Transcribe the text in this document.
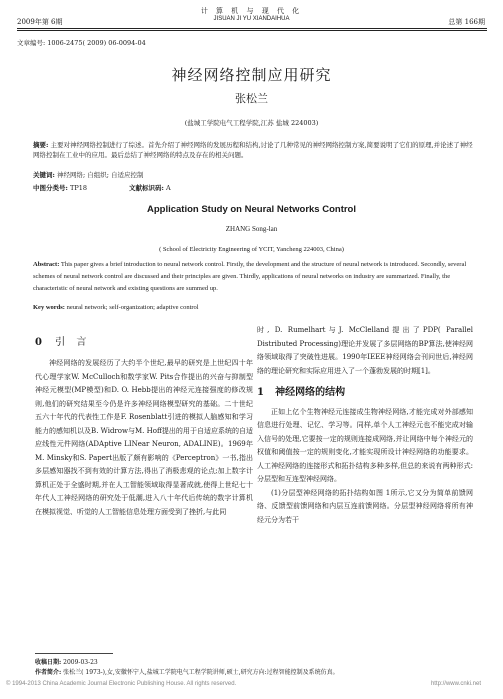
2009年第 6期
计 算 机 与 现 代 化
JISUAN JI YU XIANDAIHUA	总第 166期
文章编号: 1006-2475( 2009) 06-0094-04
神经网络控制应用研究
张松兰
(盐城工学院电气工程学院,江苏 盐城 224003)
摘要: 主要对神经网络控制进行了综述。首先介绍了神经网络的发展历程和结构,讨论了几种常见的神经网络控制方案,简要说明了它们的原理,并论述了神经网络控制在工业中的应用。最后总结了神经网络的特点及存在的相关问题。
关键词: 神经网络; 自组织; 自适应控制
中图分类号: TP18	文献标识码: A
Application Study on Neural Networks Control
ZHANG Song-lan
( School of Electricity Engineering of YCIT, Yancheng 224003, China)
Abstract: This paper gives a brief introduction to neural network control. Firstly, the development and the structure of neural network is introduced. Secondly, several schemes of neural network control are discussed and their principles are given. Thirdly, applications of neural networks on industry are summarized. Finally, the characteristic of neural network and existing questions are summed up.
Key words: neural network; self-organization; adaptive control
0 引 言

神经网络的发展经历了大约半个世纪,最早的研究是上世纪四十年代心理学家W. McCulloch和数学家W. Pits合作提出的兴奋与抑制型神经元模型(MP模型)和D. O. Hebb提出的神经元连接强度的修改规则,他们的研究结果至今仍是许多神经网络模型研究的基础。二十世纪五六十年代的代表性工作是F. Rosenblatt引进的模拟人脑感知和学习能力的感知机以及B. Widrow与M. Hoff提出的用于自适应系统的自适应线性元件网络(ADAptive LINear Neuron, ADALINE)。1969年M. Minsky和S. Papert出版了颇有影响的《Perceptron》一书,指出多层感知器找不到有效的计算方法,得出了消极悲观的论点;加上数字计算机正处于全盛时期,并在人工智能领域取得显著成就,使得上世纪七十年代人工神经网络的研究处于低潮,进入八十年代后传统的数字计算机在模拟视觉、听觉的人工智能信息处理方面受到了挫折,与此同

时, D. Rumelhart与J. McClelland提出了PDP( Parallel Distributed Processing)理论并发展了多层网络的BP算法,使神经网络领域取得了突破性进展。1990年IEEE神经网络会刊问世后,神经网络的理论研究和实际应用进入了一个蓬勃发展的时期[1]。

1 神经网络的结构

正如上亿个生物神经元连接成生物神经网络,才能完成对外部感知信息进行处理、记忆、学习等。同样,单个人工神经元也不能完成对输入信号的处理,它要按一定的规则连接成网络,并让网络中每个神经元的权值和阈值按一定的规则变化,才能实现所设计神经网络的功能要求。人工神经网络的连接形式和拓扑结构多种多样,但总的来说有两种形式:分层型和互连型神经网络。

(1)分层型神经网络的拓扑结构如图 1所示,它又分为简单前馈网络、反馈型前馈网络和内层互连前馈网络。分层型神经网络将所有神经元分为若干

收稿日期: 2009-03-23
作者简介: 张松兰( 1973-),女,安徽怀宁人,盐城工学院电气工程学院讲师,硕士,研究方向:过程智能控制及系统仿真。
© 1994-2013 China Academic Journal Electronic Publishing House. All rights reserved.	http://www.cnki.net
